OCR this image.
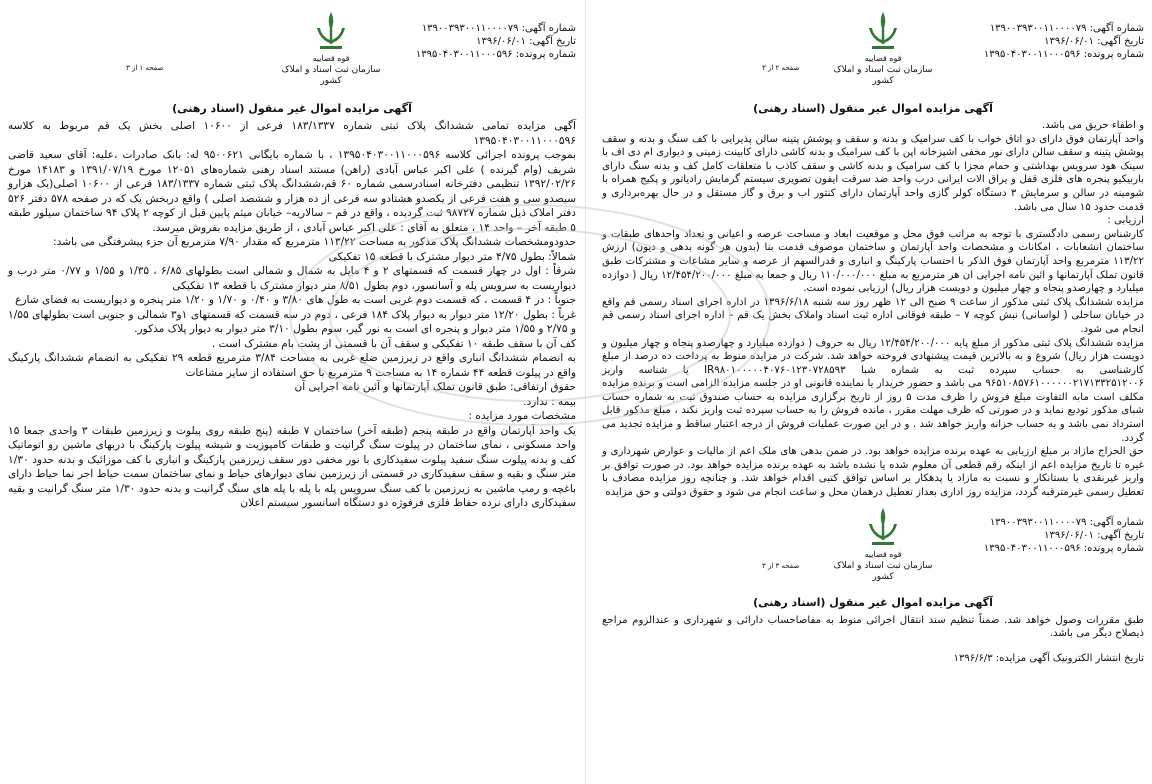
شماره آگهی: ۱۳۹۰۰۳۹۳۰۰۱۱۰۰۰۰۷۹
تاریخ آگهی: ۱۳۹۶/۰۶/۰۱
شماره پرونده: ۱۳۹۵۰۴۰۳۰۰۱۱۰۰۰۵۹۶
قوه قضاییه
سازمان ثبت اسناد و املاک کشور
صفحه ۱ از ۳
آگهی مزایده اموال غیر منقول (اسناد رهنی)

آگهی مزایده تمامی ششدانگ پلاک ثبتی شماره ۱۸۳/۱۳۳۷ فرعی از ۱۰۶۰۰ اصلی بخش یک قم مربوط به کلاسه ۱۳۹۵۰۴۰۳۰۰۱۱۰۰۰۵۹۶

بموجب پرونده اجرائی کلاسه ۱۳۹۵۰۴۰۳۰۰۱۱۰۰۰۵۹۶ ، با شماره بایگانی ۹۵۰۰۶۲۱ له: بانک صادرات ،علیه: آقای سعید قاضی شریف (وام گیرنده ) علی اکبر عباس آبادی (راهن) مستند اسناد رهنی شماره‌های ۱۲۰۵۱ مورخ ۱۳۹۱/۰۷/۱۹ و ۱۴۱۸۳ مورخ ۱۳۹۲/۰۲/۲۶ تنظیمی دفترخانه اسنادرسمی شماره ۶۰ قم،ششدانگ پلاک ثبتی شماره ۱۸۳/۱۳۳۷ فرعی از ۱۰۶۰۰ اصلی(یک هزارو سیصدو سی و هفت فرعی از یکصدو هشتادو سه فرعی از ده هزار و ششصد اصلی ) واقع دربخش یک که در صفحه ۵۷۸ دفتر ۵۲۶ دفتر املاک ذیل شماره ۹۸۷۲۷ ثبت گردیده ، واقع در قم – سالاریه– خیابان میثم پایین قبل از کوچه ۲ پلاک ۹۴ ساختمان سیلور طبقه ۵ طبقه آخر – واحد ۱۴ ، متعلق به آقای : علی اکبر عباس آبادی ، از طریق مزایده بفروش میرسد.

حدودومشخصات ششدانگ پلاک مذکور به مساحت ۱۱۳/۲۲ مترمربع که مقدار ۷/۹۰ مترمربع آن جزء پیشرفتگی می باشد:

شمالاً: بطول ۴/۷۵ متر دیوار مشترک با قطعه ۱۵ تفکیکی

شرقاً : اول در چهار قسمت که قسمتهای ۲ و ۴ مایل به شمال و شمالی است بطولهای ۶/۸۵ ، ۱/۳۵ و ۱/۵۵ و ۰/۷۷ متر درب و دیواریست به سرویس پله و آسانسور، دوم بطول ۸/۵۱ متر دیوار مشترک با قطعه ۱۳ تفکیکی

جنوباً : در ۴ قسمت ، که قسمت دوم غربی است به طول های ۳/۸۰ و ۰/۴۰ و ۱/۷۰ و ۱/۲۰ متر پنجره و دیواریست به فضای شارع

غرباً : بطول ۱۲/۲۰ متر دیوار به دیوار پلاک ۱۸۴ فرعی ، دوم در سه قسمت که قسمتهای ۱و۳ شمالی و جنوبی است بطولهای ۱/۵۵ و ۲/۷۵ و ۱/۵۵ متر دیوار و پنجره ای است به نور گیر، سوم بطول ۳/۱۰ متر دیوار به دیوار پلاک مذکور.

کف آن با سقف طبقه ۱۰ تفکیکی و سقف آن با قسمتی از پشت بام مشترک است .

به انضمام ششدانگ انباری واقع در زیرزمین ضلع غربی به مساحت ۳/۸۴ مترمربع قطعه ۲۹ تفکیکی به انضمام ششدانگ پارکینگ واقع در پیلوت قطعه ۴۴ شماره ۱۴ به مساحت ۹ مترمربع با حق استفاده از سایر مشاعات

حقوق ارتفاقی: طبق قانون تملک آپارتمانها و آئین نامه اجرایی آن

بیمه : ندارد.

مشخصات مورد مزایده :

یک واحد آپارتمان واقع در طبقه پنجم (طبقه آخر) ساختمان ۷ طبقه (پنج طبقه روی پیلوت و زیرزمین طبقات ۳ واحدی جمعا ۱۵ واحد مسکونی ، نمای ساختمان در پیلوت سنگ گرانیت و طبقات کامپوزیت و شیشه پیلوت پارکینگ با دربهای ماشین رو اتوماتیک کف و بدنه پیلوت سنگ سفید پیلوت سفیدکاری با نور مخفی دور سقف زیرزمین پارکینگ و انباری با کف موزائیک و بدنه حدود ۱/۳۰ متر سنگ و بقیه و سقف سفیدکاری در قسمتی از زیرزمین نمای دیوارهای حیاط و نمای ساختمان سمت حیاط اجر نما حیاط دارای باغچه و رمپ ماشین به زیرزمین با کف سنگ سرویس پله با پله با پله های سنگ گرانیت و بدنه حدود ۱/۳۰ متر سنگ گرانیت و بقیه سفیدکاری دارای نرده حفاظ فلزی فرفوژه دو دستگاه اسانسور سیستم اعلان

شماره آگهی: ۱۳۹۰۰۳۹۳۰۰۱۱۰۰۰۰۷۹
تاریخ آگهی: ۱۳۹۶/۰۶/۰۱
شماره پرونده: ۱۳۹۵۰۴۰۳۰۰۱۱۰۰۰۵۹۶
قوه قضاییه
سازمان ثبت اسناد و املاک کشور
صفحه ۲ از ۳
آگهی مزایده اموال غیر منقول (اسناد رهنی)

و اطفاء حریق می باشد.

واحد آپارتمان فوق دارای دو اتاق خواب با کف سرامیک و بدنه و سقف و پوشش پتینه سالن پذیرایی با کف سنگ و بدنه و سقف پوشش پتینه و سقف سالن دارای نور مخفی اشپزخانه اپن با کف سرامیک و بدنه کاشی دارای کابینت زمینی و دیواری ام دی اف با سینک هود سرویس بهداشتی و حمام مجزا با کف سرامیک و بدنه کاشی و سقف کاذب با متعلقات کامل کف و بدنه سنگ دارای باربیکیو پنجره های فلزی قفل و یراق الات ایرانی درب واحد ضد سرقت ایفون تصویری سیستم گرمایش رادیاتور و پکیج همراه با شومینه در سالن و سرمایش ۳ دستگاه کولر گازی واحد آپارتمان دارای کنتور اب و برق و گاز مستقل و در حال بهره‌برداری و قدمت حدود ۱۵ سال می باشد.

ارزیابی :

کارشناس رسمی دادگستری با توجه به مراتب فوق محل و موقعیت ابعاد و مساحت عرصه و اعیانی و تعداد واحدهای طبقات و ساختمان انشعابات ، امکانات و مشخصات واحد آپارتمان و ساختمان موصوف قدمت بنا (بدون هر گونه بدهی و دیون) ارزش ۱۱۳/۲۲ مترمربع واحد آپارتمان فوق الذکر با احتساب پارکینگ و انباری و قدرالسهم از عرصه و سایر مشاعات و مشترکات طبق قانون تملک آپارتمانها و ائین نامه اجرایی ان هر مترمربع به مبلغ ۱۱۰/۰۰۰/۰۰۰ ریال و جمعا به مبلغ ۱۲/۴۵۴/۲۰۰/۰۰۰ ریال ( دوازده میلیارد و چهارصدو پنجاه و چهار میلیون و دویست هزار ریال) ارزیابی نموده است.

مزایده ششدانگ پلاک ثبتی مذکور از ساعت ۹ صبح الی ۱۲ ظهر روز سه شنبه ۱۳۹۶/۶/۱۸ در اداره اجرای اسناد رسمی قم واقع در خیابان ساحلی ( لواسانی) نبش کوچه ۷ – طبقه فوقانی اداره ثبت اسناد واملاک بخش یک قم – اداره اجرای اسناد رسمی قم انجام می شود.

مزایده ششدانگ پلاک ثبتی مذکور از مبلغ پایه ۱۲/۴۵۴/۲۰۰/۰۰۰ ریال به حروف ( دوازده میلیارد و چهارصدو پنجاه و چهار میلیون و دویست هزار ریال) شروع و به بالاترین قیمت پیشنهادی فروخته خواهد شد. شرکت در مزایده منوط به پرداخت ده درصد از مبلغ کارشناسی به حساب سپرده ثبت به شماره شبا IR۹۸۰۱۰۰۰۰۰۴۰۷۶۰۱۲۳۰۷۲۸۵۹۳ یا شناسه واریز ۹۶۵۱۰۸۵۷۶۱۰۰۰۰۰۰۲۱۷۱۳۳۲۵۱۲۰۰۶ می باشد و حضور خریدار یا نماینده قانونی او در جلسه مزایده الزامی است و برنده مزایده مکلف است مابه التفاوت مبلغ فروش را ظرف مدت ۵ روز از تاریخ برگزاری مزایده به حساب صندوق ثبت به شماره حساب شبای مذکور تودیع نماید و در صورتی که ظرف مهلت مقرر ، مانده فروش را به حساب سپرده ثبت واریز نکند ، مبلغ مذکور قابل استرداد نمی باشد و به حساب خزانه واریز خواهد شد . و در این صورت عملیات فروش از درجه اعتبار ساقط و مزایده تجدید می گردد.

حق الحراج مازاد بر مبلغ ارزیابی به عهده برنده مزایده خواهد بود. در ضمن بدهی های ملک اعم از مالیات و عوارض شهرداری و غیره تا تاریخ مزایده اعم از اینکه رقم قطعی آن معلوم شده یا نشده باشد به عهده برنده مزایده خواهد بود. در صورت توافق بر واریز غیرنقدی یا بستانکار و نسبت به مازاد یا پدهکار بر اساس توافق کتبی اقدام خواهد شد. و چنانچه روز مزایده مصادف با تعطیل رسمی غیرمترقبه گردد، مزایده روز اداری بعداز تعطیل درهمان محل و ساعت انجام می شود و حقوق دولتی و حق مزایده

شماره آگهی: ۱۳۹۰۰۳۹۳۰۰۱۱۰۰۰۰۷۹
تاریخ آگهی: ۱۳۹۶/۰۶/۰۱
شماره پرونده: ۱۳۹۵۰۴۰۳۰۰۱۱۰۰۰۵۹۶
قوه قضاییه
سازمان ثبت اسناد و املاک کشور
صفحه ۳ از ۳
آگهی مزایده اموال غیر منقول (اسناد رهنی)
طبق مقررات وصول خواهد شد. ضمناً تنظیم سند انتقال اجرائی منوط به مفاصاحساب دارائی و شهرداری و عندالزوم مراجع ذیصلاح دیگر می باشد.
تاریخ انتشار الکترونیک آگهی مزایده: ۱۳۹۶/۶/۳
